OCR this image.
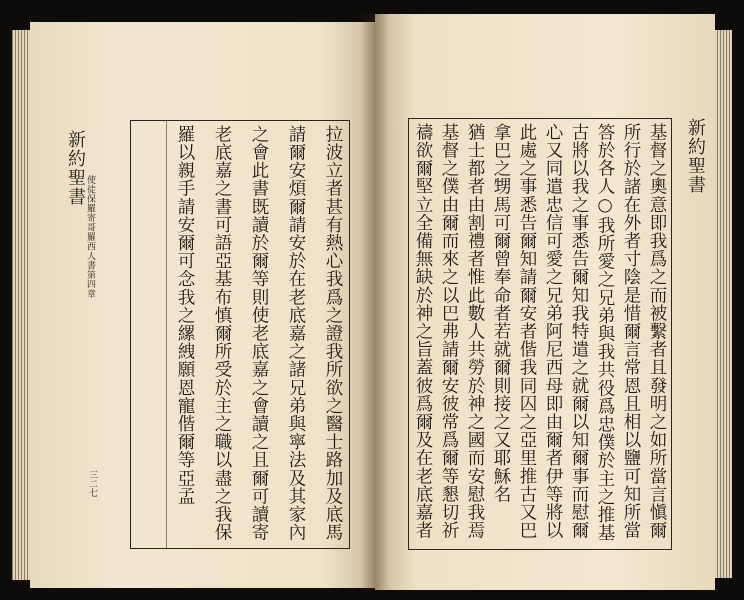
新約聖書
使徒保羅寄哥羅西人書第四章
三二七	拉波立者甚有熱心我爲之證我所欲之醫士路加及底馬
請爾安煩爾請安於在老底嘉之諸兄弟與寧法及其家內
之會此書既讀於爾等則使老底嘉之會讀之且爾可讀寄
老底嘉之書可語亞基布慎爾所受於主之職以盡之我保
羅以親手請安爾可念我之縲絏願恩寵偕爾等亞孟	新約聖書
基督之奧意即我爲之而被繫者且發明之如所當言愼爾
所行於諸在外者寸陰是惜爾言常恩且相以鹽可知所當
答於各人○我所愛之兄弟與我共役爲忠僕於主之推基
古將以我之事悉告爾知我特遣之就爾以知爾事而慰爾
心又同遣忠信可愛之兄弟阿尼西母即由爾者伊等將以
此處之事悉告爾知請爾安者偕我同囚之亞里推古又巴
拿巴之甥馬可爾曾奉命者若就爾則接之又耶穌名
猶士都者由割禮者惟此數人共勞於神之國而安慰我焉
基督之僕由爾而來之以巴弗請爾安彼常爲爾等懇切祈
禱欲爾堅立全備無缺於神之旨蓋彼爲爾及在老底嘉者
